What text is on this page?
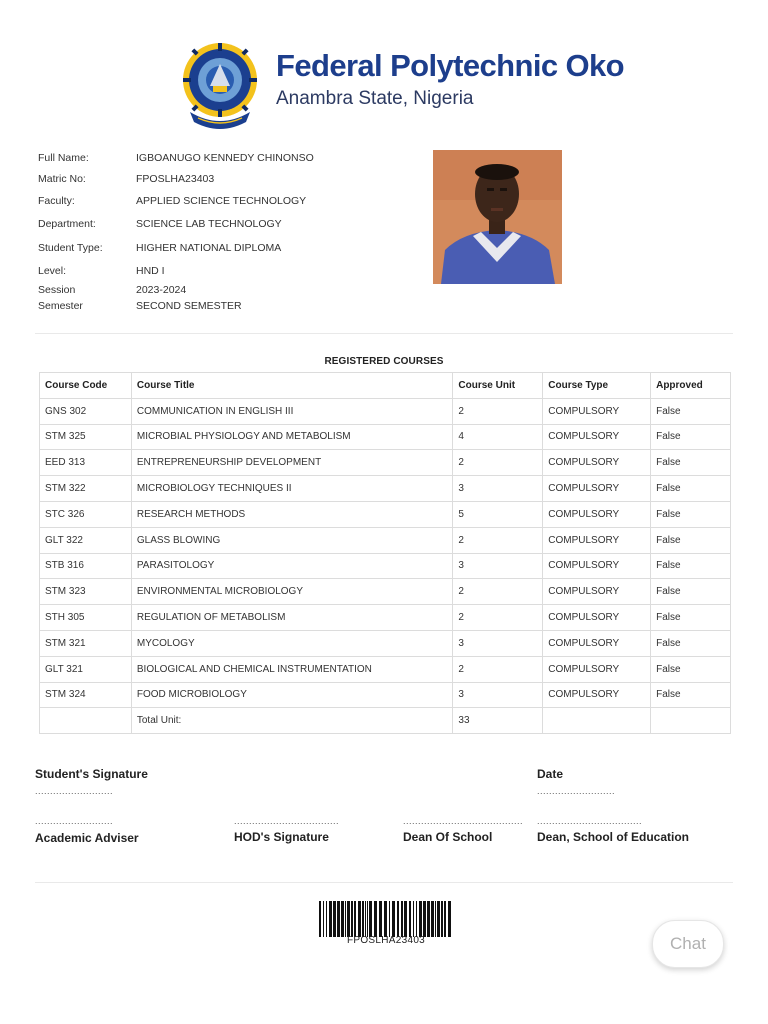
Federal Polytechnic Oko
Anambra State, Nigeria
Full Name:	IGBOANUGO KENNEDY CHINONSO
Matric No:	FPOSLHA23403
Faculty:	APPLIED SCIENCE TECHNOLOGY
Department:	SCIENCE LAB TECHNOLOGY
Student Type:	HIGHER NATIONAL DIPLOMA
Level:	HND I
Session	2023-2024
Semester	SECOND SEMESTER
REGISTERED COURSES
Course Code	Course Title	Course Unit	Course Type	Approved
GNS 302	COMMUNICATION IN ENGLISH III	2	COMPULSORY	False
STM 325	MICROBIAL PHYSIOLOGY AND METABOLISM	4	COMPULSORY	False
EED 313	ENTREPRENEURSHIP DEVELOPMENT	2	COMPULSORY	False
STM 322	MICROBIOLOGY TECHNIQUES II	3	COMPULSORY	False
STC 326	RESEARCH METHODS	5	COMPULSORY	False
GLT 322	GLASS BLOWING	2	COMPULSORY	False
STB 316	PARASITOLOGY	3	COMPULSORY	False
STM 323	ENVIRONMENTAL MICROBIOLOGY	2	COMPULSORY	False
STH 305	REGULATION OF METABOLISM	2	COMPULSORY	False
STM 321	MYCOLOGY	3	COMPULSORY	False
GLT 321	BIOLOGICAL AND CHEMICAL INSTRUMENTATION	2	COMPULSORY	False
STM 324	FOOD MICROBIOLOGY	3	COMPULSORY	False
	Total Unit:	33		
Student's Signature
..........................
Date
..........................
..........................
Academic Adviser
...................................
HOD's Signature
........................................
Dean Of School
...................................
Dean, School of Education
FPOSLHA23403	Chat
